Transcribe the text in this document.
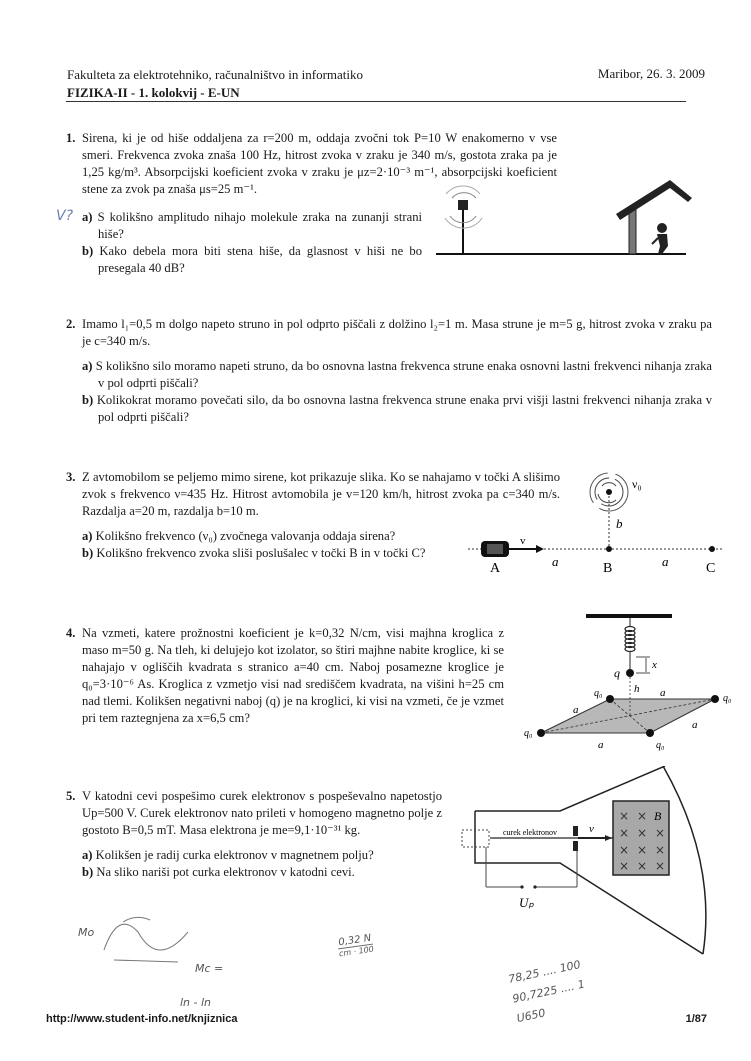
Fakulteta za elektrotehniko, računalništvo in informatiko
FIZIKA-II - 1. kolokvij - E-UN
Maribor, 26. 3. 2009
1. Sirena, ki je od hiše oddaljena za r=200 m, oddaja zvočni tok P=10 W enakomerno v vse smeri. Frekvenca zvoka znaša 100 Hz, hitrost zvoka v zraku je 340 m/s, gostota zraka pa je 1,25 kg/m³. Absorpcijski koeficient zvoka v zraku je μz=2·10⁻³ m⁻¹, absorpcijski koeficient stene za zvok pa znaša μs=25 m⁻¹.

a) S kolikšno amplitudo nihajo molekule zraka na zunanji strani hiše?
b) Kako debela mora biti stena hiše, da glasnost v hiši ne bo presegala 40 dB?
V?
2. Imamo l₁=0,5 m dolgo napeto struno in pol odprto piščali z dolžino l₂=1 m. Masa strune je m=5 g, hitrost zvoka v zraku pa je c=340 m/s.

a) S kolikšno silo moramo napeti struno, da bo osnovna lastna frekvenca strune enaka osnovni lastni frekvenci nihanja zraka v pol odprti piščali?
b) Kolikokrat moramo povečati silo, da bo osnovna lastna frekvenca strune enaka prvi višji lastni frekvenci nihanja zraka v pol odprti piščali?
3. Z avtomobilom se peljemo mimo sirene, kot prikazuje slika. Ko se nahajamo v točki A slišimo zvok s frekvenco ν=435 Hz. Hitrost avtomobila je v=120 km/h, hitrost zvoka pa c=340 m/s. Razdalja a=20 m, razdalja b=10 m.

a) Kolikšno frekvenco (ν₀) zvočnega valovanja oddaja sirena?
b) Kolikšno frekvenco zvoka sliši poslušalec v točki B in v točki C?
v
ν₀
b
a	a
A	B	C
4. Na vzmeti, katere prožnostni koeficient je k=0,32 N/cm, visi majhna kroglica z maso m=50 g. Na tleh, ki delujejo kot izolator, so štiri majhne nabite kroglice, ki se nahajajo v ogliščih kvadrata s stranico a=40 cm. Naboj posamezne kroglice je q₀=3·10⁻⁶ As. Kroglica z vzmetjo visi nad središčem kvadrata, na višini h=25 cm nad tlemi. Kolikšen negativni naboj (q) je na kroglici, ki visi na vzmeti, če je vzmet pri tem raztegnjena za x=6,5 cm?

x
q
h
q₀	q₀
q₀
q₀
a
a
a
a
5. V katodni cevi pospešimo curek elektronov s pospeševalno napetostjo Up=500 V. Curek elektronov nato prileti v homogeno magnetno polje z gostoto B=0,5 mT. Masa elektrona je me=9,1·10⁻³¹ kg.

a) Kolikšen je radij curka elektronov v magnetnem polju?
b) Na sliko nariši pot curka elektronov v katodni cevi.
curek elektronov	v⃗
× ×
× × ×
× × ×
× × ×
B⃗
Uₚ
Mo
Mc =
ln - ln
0,32 N
cm · 100
78,25 .... 100
90,7225 .... 1
U650
http://www.student-info.net/knjiznica	1/87
